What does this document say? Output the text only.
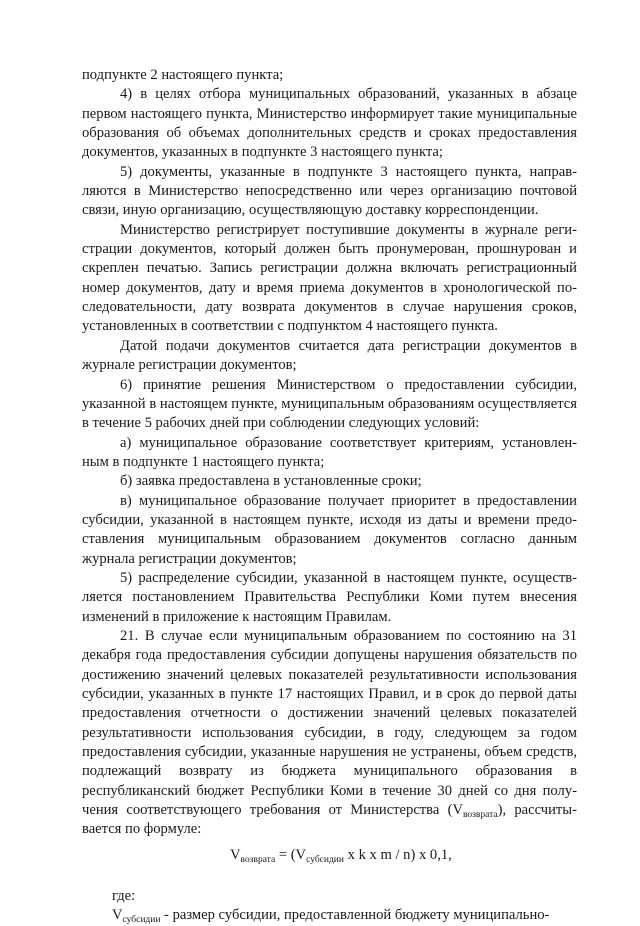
подпункте 2 настоящего пункта;

4) в целях отбора муниципальных образований, указанных в абзаце первом настоящего пункта, Министерство информирует такие муниципальные образования об объемах дополнительных средств и сроках предоставления документов, указанных в подпункте 3 настоящего пункта;

5) документы, указанные в подпункте 3 настоящего пункта, направляются в Министерство непосредственно или через организацию почтовой связи, иную организацию, осуществляющую доставку корреспонденции.

Министерство регистрирует поступившие документы в журнале регистрации документов, который должен быть пронумерован, прошнурован и скреплен печатью. Запись регистрации должна включать регистрационный номер документов, дату и время приема документов в хронологической последовательности, дату возврата документов в случае нарушения сроков, установленных в соответствии с подпунктом 4 настоящего пункта.

Датой подачи документов считается дата регистрации документов в журнале регистрации документов;

6) принятие решения Министерством о предоставлении субсидии, указанной в настоящем пункте, муниципальным образованиям осуществляется в течение 5 рабочих дней при соблюдении следующих условий:

а) муниципальное образование соответствует критериям, установленным в подпункте 1 настоящего пункта;

б) заявка предоставлена в установленные сроки;

в) муниципальное образование получает приоритет в предоставлении субсидии, указанной в настоящем пункте, исходя из даты и времени предоставления муниципальным образованием документов согласно данным журнала регистрации документов;

5) распределение субсидии, указанной в настоящем пункте, осуществляется постановлением Правительства Республики Коми путем внесения изменений в приложение к настоящим Правилам.

21. В случае если муниципальным образованием по состоянию на 31 декабря года предоставления субсидии допущены нарушения обязательств по достижению значений целевых показателей результативности использования субсидии, указанных в пункте 17 настоящих Правил, и в срок до первой даты предоставления отчетности о достижении значений целевых показателей результативности использования субсидии, в году, следующем за годом предоставления субсидии, указанные нарушения не устранены, объем средств, подлежащий возврату из бюджета муниципального образования в республиканский бюджет Республики Коми в течение 30 дней со дня получения соответствующего требования от Министерства $(V_{возврата})$, рассчитывается по формуле:

$V_{возврата} = (V_{субсидии}$ x k x m / n) x 0,1,

где:

$V_{субсидии}$ - размер субсидии, предоставленной бюджету муниципально-
